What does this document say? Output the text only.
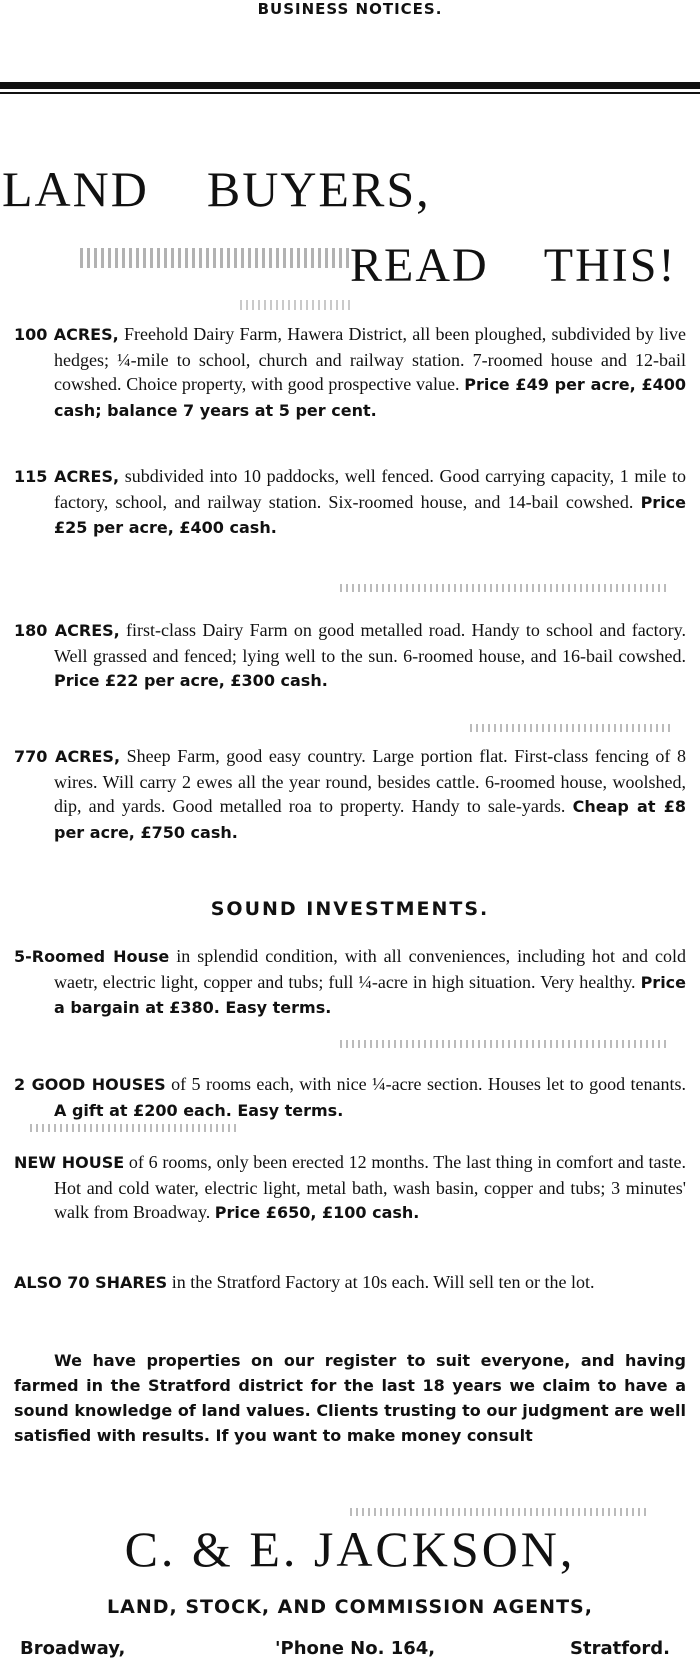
BUSINESS NOTICES.
LAND    BUYERS,
READ    THIS!

100 ACRES, Freehold Dairy Farm, Hawera District, all been ploughed, subdivided by live hedges; ¼-mile to school, church and railway station. 7-roomed house and 12-bail cowshed. Choice property, with good prospective value. Price £49 per acre, £400 cash; balance 7 years at 5 per cent.

115 ACRES, subdivided into 10 paddocks, well fenced. Good carrying capacity, 1 mile to factory, school, and railway station. Six-roomed house, and 14-bail cowshed. Price £25 per acre, £400 cash.

180 ACRES, first-class Dairy Farm on good metalled road. Handy to school and factory. Well grassed and fenced; lying well to the sun. 6-roomed house, and 16-bail cowshed. Price £22 per acre, £300 cash.

770 ACRES, Sheep Farm, good easy country. Large portion flat. First-class fencing of 8 wires. Will carry 2 ewes all the year round, besides cattle. 6-roomed house, woolshed, dip, and yards. Good metalled roa to property. Handy to sale-yards. Cheap at £8 per acre, £750 cash.

SOUND INVESTMENTS.

5-Roomed House in splendid condition, with all conveniences, including hot and cold waetr, electric light, copper and tubs; full ¼-acre in high situation. Very healthy. Price a bargain at £380. Easy terms.

2 GOOD HOUSES of 5 rooms each, with nice ¼-acre section. Houses let to good tenants. A gift at £200 each. Easy terms.

NEW HOUSE of 6 rooms, only been erected 12 months. The last thing in comfort and taste. Hot and cold water, electric light, metal bath, wash basin, copper and tubs; 3 minutes' walk from Broadway. Price £650, £100 cash.

ALSO 70 SHARES in the Stratford Factory at 10s each. Will sell ten or the lot.

We have properties on our register to suit everyone, and having farmed in the Stratford district for the last 18 years we claim to have a sound knowledge of land values. Clients trusting to our judgment are well satisfied with results. If you want to make money consult

C. & E. JACKSON,
LAND, STOCK, AND COMMISSION AGENTS,
Broadway,	'Phone No. 164,	Stratford.
